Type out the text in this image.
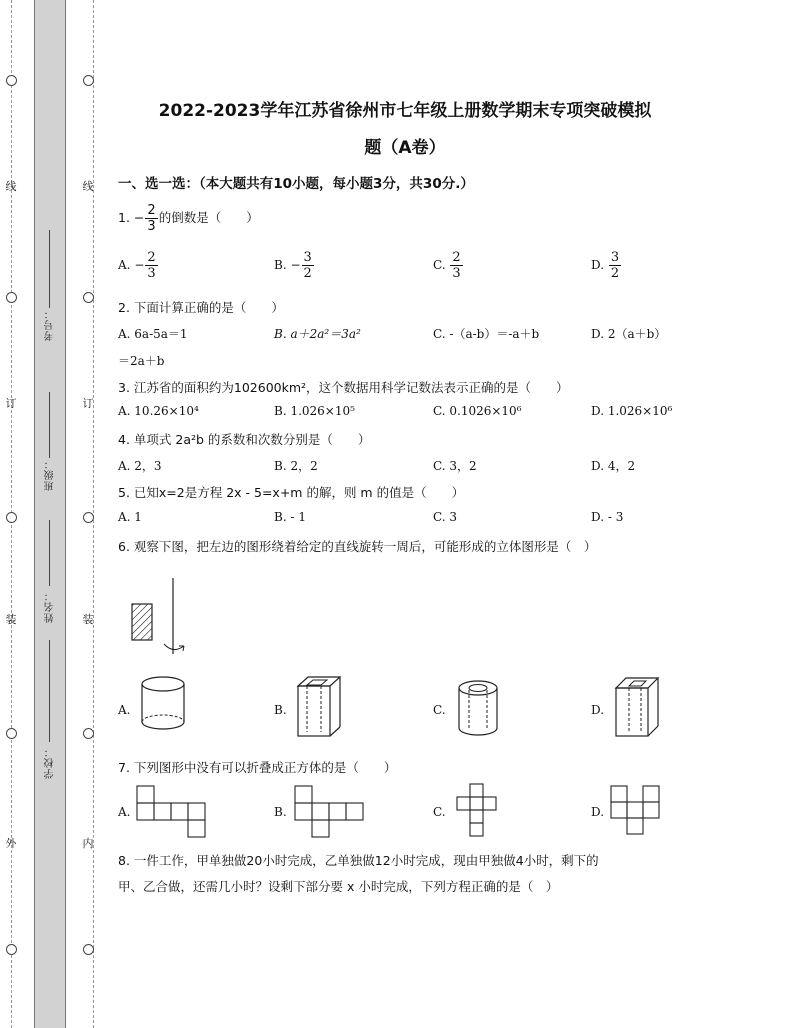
线
订
装
外
线
订
装
内
考号：
班级：
姓名：
学校：
2022-2023学年江苏省徐州市七年级上册数学期末专项突破模拟
题（A卷）
一、选一选：（本大题共有10小题，每小题3分，共30分.）
1. − $\frac{2}{3}$ 的倒数是（　　）
A. − $\frac{2}{3}$	B. − $\frac{3}{2}$	C. $\frac{2}{3}$	D. $\frac{3}{2}$
2. 下面计算正确的是（　　）
A. 6a-5a＝1	B. a＋2a²＝3a²	C. -（a-b）＝-a＋b	D. 2（a＋b）
＝2a＋b
3. 江苏省的面积约为102600km²，这个数据用科学记数法表示正确的是（　　）
A. 10.26×10⁴	B. 1.026×10⁵	C. 0.1026×10⁶	D. 1.026×10⁶
4. 单项式 2a²b 的系数和次数分别是（　　）
A. 2，3	B. 2，2	C. 3，2	D. 4，2
5. 已知x=2是方程 2x - 5=x+m 的解，则 m 的值是（　　）
A. 1	B. - 1	C. 3	D. - 3
6. 观察下图，把左边的图形绕着给定的直线旋转一周后，可能形成的立体图形是（　）
A.	B.	C.	D.
7. 下列图形中没有可以折叠成正方体的是（　　）
A.	B.	C.	D.
8. 一件工作，甲单独做20小时完成，乙单独做12小时完成，现由甲独做4小时，剩下的
甲、乙合做，还需几小时？设剩下部分要 x 小时完成，下列方程正确的是（　）
